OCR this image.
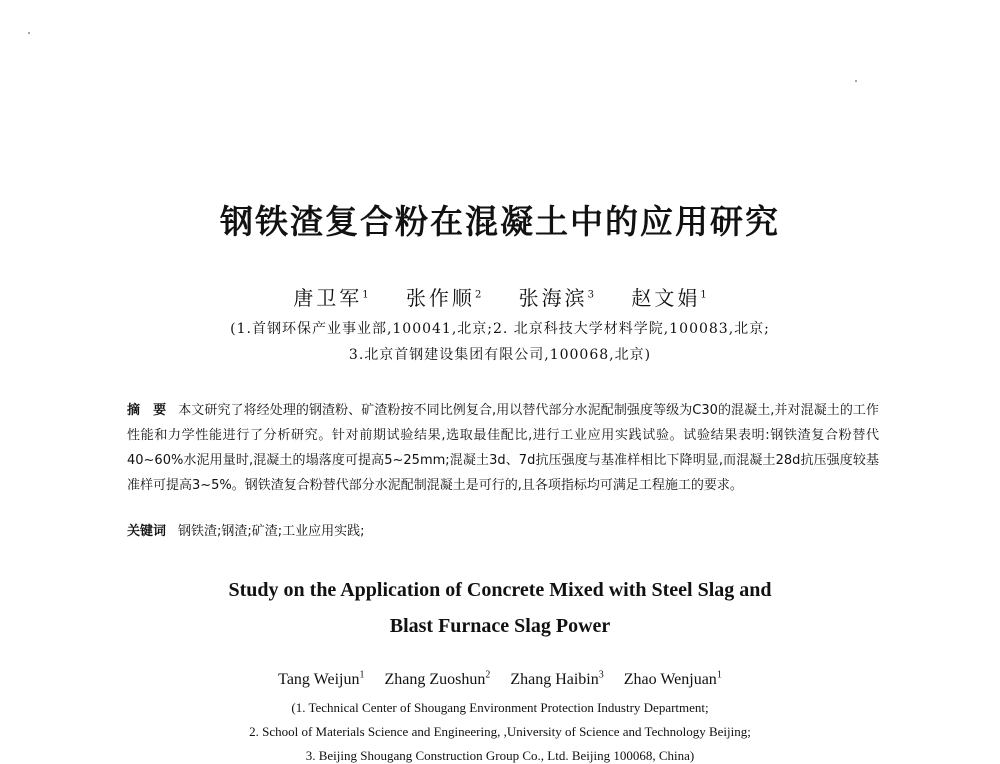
钢铁渣复合粉在混凝土中的应用研究
唐卫军$^1$ 张作顺$^2$ 张海滨$^3$ 赵文娟$^1$
(1.首钢环保产业事业部,100041,北京;2. 北京科技大学材料学院,100083,北京;
3.北京首钢建设集团有限公司,100068,北京)
摘　要 本文研究了将经处理的钢渣粉、矿渣粉按不同比例复合,用以替代部分水泥配制强度等级为C30的混凝土,并对混凝土的工作性能和力学性能进行了分析研究。针对前期试验结果,选取最佳配比,进行工业应用实践试验。试验结果表明:钢铁渣复合粉替代40~60%水泥用量时,混凝土的塌落度可提高5~25mm;混凝土3d、7d抗压强度与基准样相比下降明显,而混凝土28d抗压强度较基准样可提高3~5%。钢铁渣复合粉替代部分水泥配制混凝土是可行的,且各项指标均可满足工程施工的要求。
关键词 钢铁渣;钢渣;矿渣;工业应用实践;
Study on the Application of Concrete Mixed with Steel Slag and
Blast Furnace Slag Power
Tang Weijun$^1$ Zhang Zuoshun$^2$ Zhang Haibin$^3$ Zhao Wenjuan$^1$
(1. Technical Center of Shougang Environment Protection Industry Department;
2. School of Materials Science and Engineering, ,University of Science and Technology Beijing;
3. Beijing Shougang Construction Group Co., Ltd. Beijing 100068, China)
